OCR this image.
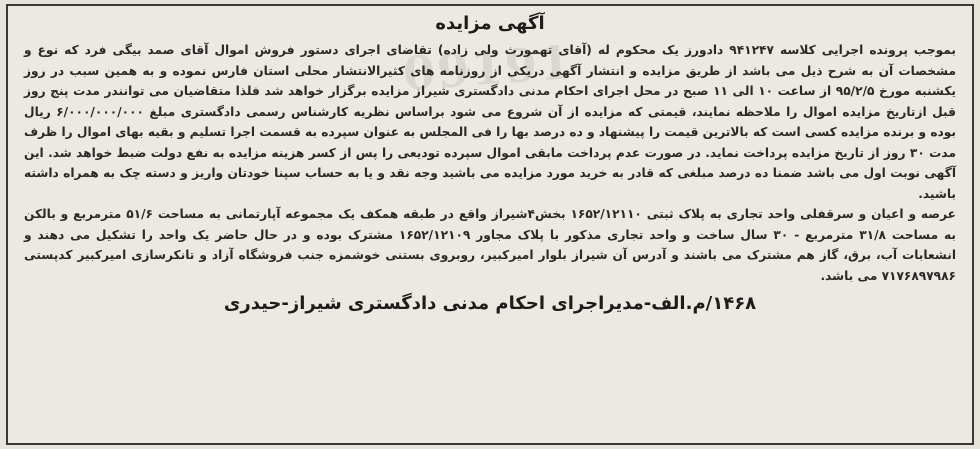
09191
آگهی مزایده

بموجب پرونده اجرایی کلاسه ۹۴۱۲۴۷ دادورز یک محکوم له (آقای تهمورث ولی زاده) تقاضای اجرای دستور فروش اموال آقای صمد بیگی فرد که نوع و مشخصات آن به شرح ذیل می باشد از طریق مزایده و انتشار آگهی دریکی از روزنامه های کثیرالانتشار محلی استان فارس نموده و به همین سبب در روز یکشنبه مورخ ۹۵/۲/۵ از ساعت ۱۰ الی ۱۱ صبح در محل اجرای احکام مدنی دادگستری شیراز مزایده برگزار خواهد شد فلذا متقاضیان می توانندر مدت پنج روز قبل ازتاریخ مزایده اموال را ملاحظه نمایند، قیمتی که مزایده از آن شروع می شود براساس نظریه کارشناس رسمی دادگستری مبلغ ۶/۰۰۰/۰۰۰/۰۰۰ ریال بوده و برنده مزایده کسی است که بالاترین قیمت را پیشنهاد و ده درصد بها را فی المجلس به عنوان سپرده به قسمت اجرا تسلیم و بقیه بهای اموال را ظرف مدت ۳۰ روز از تاریخ مزایده پرداخت نماید. در صورت عدم پرداخت مابقی اموال سپرده تودیعی را پس از کسر هزینه مزایده به نفع دولت ضبط خواهد شد. این آگهی نوبت اول می باشد ضمنا ده درصد مبلغی که قادر به خرید مورد مزایده می باشید وجه نقد و یا به حساب سپنا خودتان واریز و دسته چک به همراه داشته باشید.

عرصه و اعیان و سرقفلی واحد تجاری به پلاک ثبتی ۱۶۵۲/۱۲۱۱۰ بخش۴شیراز واقع در طبقه همکف یک مجموعه آپارتمانی به مساحت ۵۱/۶ مترمربع و بالکن به مساحت ۳۱/۸ مترمربع - ۳۰ سال ساخت و واحد تجاری مذکور با پلاک مجاور ۱۶۵۲/۱۲۱۰۹ مشترک بوده و در حال حاضر یک واحد را تشکیل می دهند و انشعابات آب، برق، گاز هم مشترک می باشند و آدرس آن شیراز بلوار امیرکبیر، روبروی بستنی خوشمزه جنب فروشگاه آزاد و تانکرسازی امیرکبیر کدپستی ۷۱۷۶۸۹۷۹۸۶ می باشد.

۱۴۶۸/م.الف-مدیراجرای احکام مدنی دادگستری شیراز-حیدری
